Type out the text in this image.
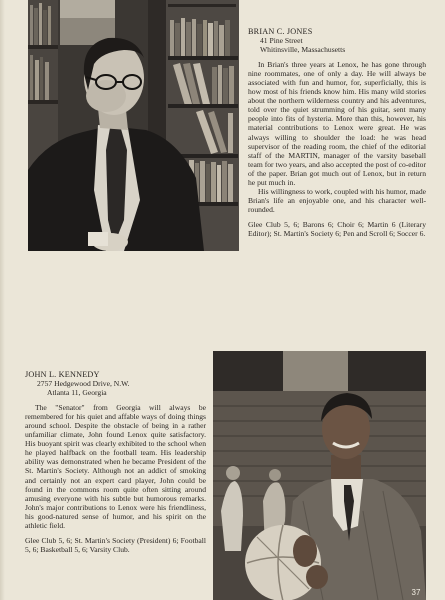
BRIAN C. JONES
41 Pine Street
Whitinsville, Massachusetts

In Brian's three years at Lenox, he has gone through nine roommates, one of only a day. He will always be associated with fun and humor, for, superficially, this is how most of his friends know him. His many wild stories about the northern wilderness country and his adventures, told over the quiet strumming of his guitar, sent many people into fits of hysteria. More than this, however, his material contributions to Lenox were great. He was always willing to shoulder the load: he was head supervisor of the reading room, the chief of the editorial staff of the MARTIN, manager of the varsity baseball team for two years, and also accepted the post of co-editor of the paper. Brian got much out of Lenox, but in return he put much in.

His willingness to work, coupled with his humor, made Brian's life an enjoyable one, and his character well-rounded.

Glee Club 5, 6; Barons 6; Choir 6; Martin 6 (Literary Editor); St. Martin's Society 6; Pen and Scroll 6; Soccer 6.

JOHN L. KENNEDY
2757 Hedgewood Drive, N.W.
Atlanta 11, Georgia

The "Senator" from Georgia will always be remembered for his quiet and affable ways of doing things around school. Despite the obstacle of being in a rather unfamiliar climate, John found Lenox quite satisfactory. His buoyant spirit was clearly exhibited to the school when he played halfback on the football team. His leadership ability was demonstrated when he became President of the St. Martin's Society. Although not an addict of smoking and certainly not an expert card player, John could be found in the commons room quite often sitting around amusing everyone with his subtle but humorous remarks. John's major contributions to Lenox were his friendliness, his good-natured sense of humor, and his spirit on the athletic field.

Glee Club 5, 6; St. Martin's Society (President) 6; Football 5, 6; Basketball 5, 6; Varsity Club.

37
